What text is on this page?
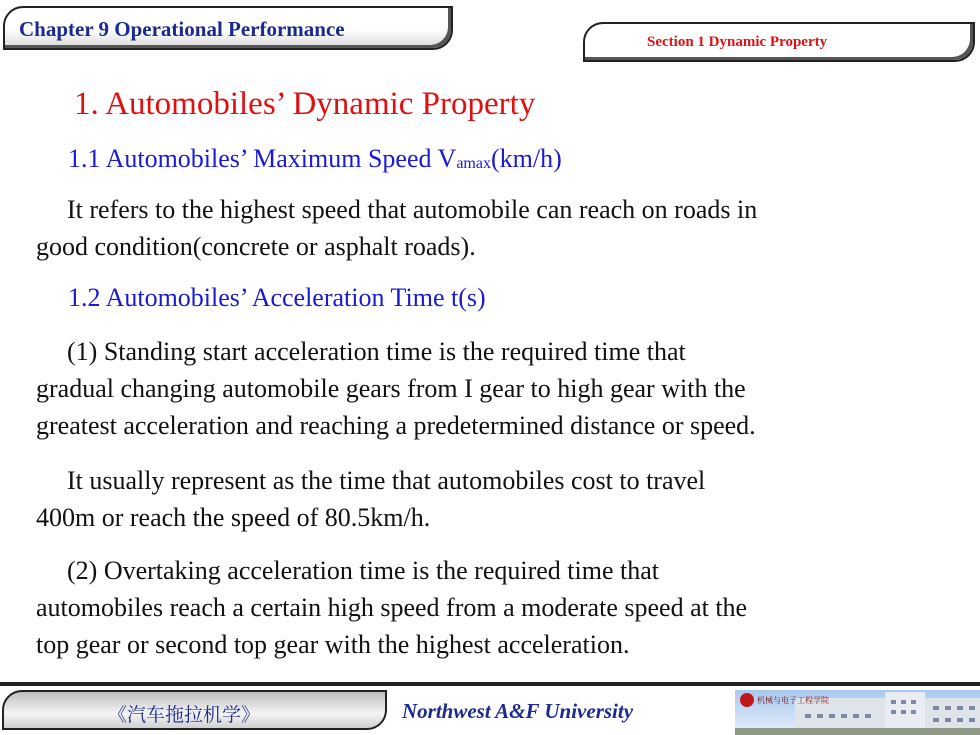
Chapter 9 Operational Performance
Section 1 Dynamic Property
1. Automobiles’ Dynamic Property
1.1 Automobiles’ Maximum Speed $V_{amax}(km/h)$
It refers to the highest speed that automobile can reach on roads in
good condition(concrete or asphalt roads).
1.2 Automobiles’ Acceleration Time t(s)
(1) Standing start acceleration time is the required time that
gradual changing automobile gears from I gear to high gear with the
greatest acceleration and reaching a predetermined distance or speed.
It usually represent as the time that automobiles cost to travel
400m or reach the speed of 80.5km/h.
(2) Overtaking acceleration time is the required time that
automobiles reach a certain high speed from a moderate speed at the
top gear or second top gear with the highest acceleration.
《汽车拖拉机学》	Northwest A&F University	机械与电子工程学院
